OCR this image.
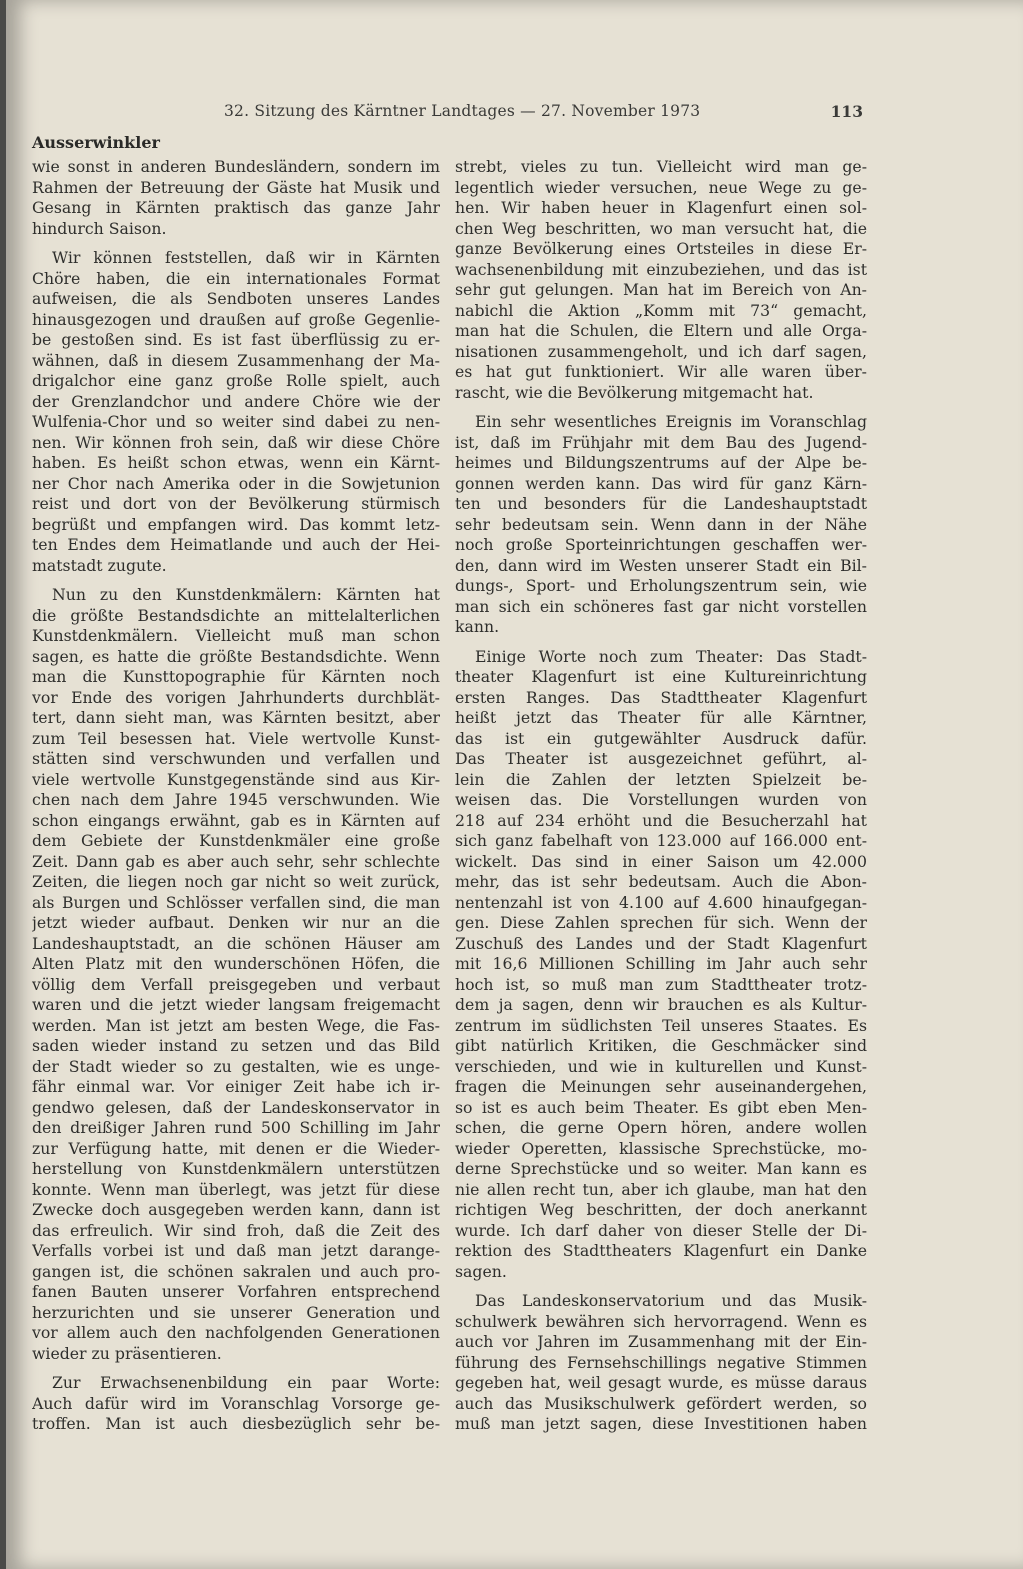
32. Sitzung des Kärntner Landtages — 27. November 1973	113
Ausserwinkler
wie sonst in anderen Bundesländern, sondern im
Rahmen der Betreuung der Gäste hat Musik und
Gesang in Kärnten praktisch das ganze Jahr
hindurch Saison.
Wir können feststellen, daß wir in Kärnten
Chöre haben, die ein internationales Format
aufweisen, die als Sendboten unseres Landes
hinausgezogen und draußen auf große Gegenlie-
be gestoßen sind. Es ist fast überflüssig zu er-
wähnen, daß in diesem Zusammenhang der Ma-
drigalchor eine ganz große Rolle spielt, auch
der Grenzlandchor und andere Chöre wie der
Wulfenia-Chor und so weiter sind dabei zu nen-
nen. Wir können froh sein, daß wir diese Chöre
haben. Es heißt schon etwas, wenn ein Kärnt-
ner Chor nach Amerika oder in die Sowjetunion
reist und dort von der Bevölkerung stürmisch
begrüßt und empfangen wird. Das kommt letz-
ten Endes dem Heimatlande und auch der Hei-
matstadt zugute.
Nun zu den Kunstdenkmälern: Kärnten hat
die größte Bestandsdichte an mittelalterlichen
Kunstdenkmälern. Vielleicht muß man schon
sagen, es hatte die größte Bestandsdichte. Wenn
man die Kunsttopographie für Kärnten noch
vor Ende des vorigen Jahrhunderts durchblät-
tert, dann sieht man, was Kärnten besitzt, aber
zum Teil besessen hat. Viele wertvolle Kunst-
stätten sind verschwunden und verfallen und
viele wertvolle Kunstgegenstände sind aus Kir-
chen nach dem Jahre 1945 verschwunden. Wie
schon eingangs erwähnt, gab es in Kärnten auf
dem Gebiete der Kunstdenkmäler eine große
Zeit. Dann gab es aber auch sehr, sehr schlechte
Zeiten, die liegen noch gar nicht so weit zurück,
als Burgen und Schlösser verfallen sind, die man
jetzt wieder aufbaut. Denken wir nur an die
Landeshauptstadt, an die schönen Häuser am
Alten Platz mit den wunderschönen Höfen, die
völlig dem Verfall preisgegeben und verbaut
waren und die jetzt wieder langsam freigemacht
werden. Man ist jetzt am besten Wege, die Fas-
saden wieder instand zu setzen und das Bild
der Stadt wieder so zu gestalten, wie es unge-
fähr einmal war. Vor einiger Zeit habe ich ir-
gendwo gelesen, daß der Landeskonservator in
den dreißiger Jahren rund 500 Schilling im Jahr
zur Verfügung hatte, mit denen er die Wieder-
herstellung von Kunstdenkmälern unterstützen
konnte. Wenn man überlegt, was jetzt für diese
Zwecke doch ausgegeben werden kann, dann ist
das erfreulich. Wir sind froh, daß die Zeit des
Verfalls vorbei ist und daß man jetzt darange-
gangen ist, die schönen sakralen und auch pro-
fanen Bauten unserer Vorfahren entsprechend
herzurichten und sie unserer Generation und
vor allem auch den nachfolgenden Generationen
wieder zu präsentieren.
Zur Erwachsenenbildung ein paar Worte:
Auch dafür wird im Voranschlag Vorsorge ge-
troffen. Man ist auch diesbezüglich sehr be-
strebt, vieles zu tun. Vielleicht wird man ge-
legentlich wieder versuchen, neue Wege zu ge-
hen. Wir haben heuer in Klagenfurt einen sol-
chen Weg beschritten, wo man versucht hat, die
ganze Bevölkerung eines Ortsteiles in diese Er-
wachsenenbildung mit einzubeziehen, und das ist
sehr gut gelungen. Man hat im Bereich von An-
nabichl die Aktion „Komm mit 73“ gemacht,
man hat die Schulen, die Eltern und alle Orga-
nisationen zusammengeholt, und ich darf sagen,
es hat gut funktioniert. Wir alle waren über-
rascht, wie die Bevölkerung mitgemacht hat.
Ein sehr wesentliches Ereignis im Voranschlag
ist, daß im Frühjahr mit dem Bau des Jugend-
heimes und Bildungszentrums auf der Alpe be-
gonnen werden kann. Das wird für ganz Kärn-
ten und besonders für die Landeshauptstadt
sehr bedeutsam sein. Wenn dann in der Nähe
noch große Sporteinrichtungen geschaffen wer-
den, dann wird im Westen unserer Stadt ein Bil-
dungs-, Sport- und Erholungszentrum sein, wie
man sich ein schöneres fast gar nicht vorstellen
kann.
Einige Worte noch zum Theater: Das Stadt-
theater Klagenfurt ist eine Kultureinrichtung
ersten Ranges. Das Stadttheater Klagenfurt
heißt jetzt das Theater für alle Kärntner,
das ist ein gutgewählter Ausdruck dafür.
Das Theater ist ausgezeichnet geführt, al-
lein die Zahlen der letzten Spielzeit be-
weisen das. Die Vorstellungen wurden von
218 auf 234 erhöht und die Besucherzahl hat
sich ganz fabelhaft von 123.000 auf 166.000 ent-
wickelt. Das sind in einer Saison um 42.000
mehr, das ist sehr bedeutsam. Auch die Abon-
nentenzahl ist von 4.100 auf 4.600 hinaufgegan-
gen. Diese Zahlen sprechen für sich. Wenn der
Zuschuß des Landes und der Stadt Klagenfurt
mit 16,6 Millionen Schilling im Jahr auch sehr
hoch ist, so muß man zum Stadttheater trotz-
dem ja sagen, denn wir brauchen es als Kultur-
zentrum im südlichsten Teil unseres Staates. Es
gibt natürlich Kritiken, die Geschmäcker sind
verschieden, und wie in kulturellen und Kunst-
fragen die Meinungen sehr auseinandergehen,
so ist es auch beim Theater. Es gibt eben Men-
schen, die gerne Opern hören, andere wollen
wieder Operetten, klassische Sprechstücke, mo-
derne Sprechstücke und so weiter. Man kann es
nie allen recht tun, aber ich glaube, man hat den
richtigen Weg beschritten, der doch anerkannt
wurde. Ich darf daher von dieser Stelle der Di-
rektion des Stadttheaters Klagenfurt ein Danke
sagen.
Das Landeskonservatorium und das Musik-
schulwerk bewähren sich hervorragend. Wenn es
auch vor Jahren im Zusammenhang mit der Ein-
führung des Fernsehschillings negative Stimmen
gegeben hat, weil gesagt wurde, es müsse daraus
auch das Musikschulwerk gefördert werden, so
muß man jetzt sagen, diese Investitionen haben
